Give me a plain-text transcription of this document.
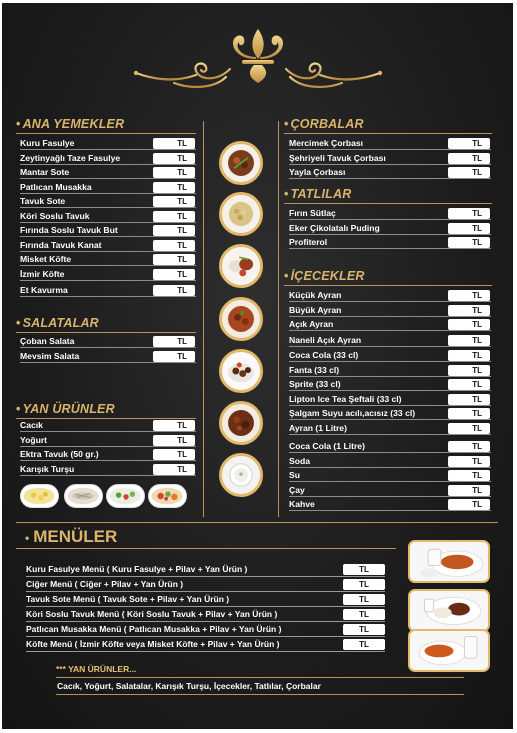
• ANA YEMEKLER
Kuru Fasulye	TL
Zeytinyağlı Taze Fasulye	TL
Mantar Sote	TL
Patlıcan Musakka	TL
Tavuk Sote	TL
Köri Soslu Tavuk	TL
Fırında Soslu Tavuk But	TL
Fırında Tavuk Kanat	TL
Misket Köfte	TL
İzmir Köfte	TL
Et Kavurma	TL
• SALATALAR
Çoban Salata	TL
Mevsim Salata	TL
• YAN ÜRÜNLER
Cacık	TL
Yoğurt	TL
Ektra Tavuk (50 gr.)	TL
Karışık Turşu	TL
• ÇORBALAR
Mercimek Çorbası	TL
Şehriyeli Tavuk Çorbası	TL
Yayla Çorbası	TL
• TATLILAR
Fırın Sütlaç	TL
Eker Çikolatalı Puding	TL
Profiterol	TL
• İÇECEKLER
Küçük Ayran	TL
Büyük Ayran	TL
Açık Ayran	TL
Naneli Açık Ayran	TL
Coca Cola (33 cl)	TL
Fanta (33 cl)	TL
Sprite (33 cl)	TL
Lipton Ice Tea Şeftali (33 cl)	TL
Şalgam Suyu acılı,acısız (33 cl)	TL
Ayran (1 Litre)	TL
Coca Cola (1 Litre)	TL
Soda	TL
Su	TL
Çay	TL
Kahve	TL
• MENÜLER
Kuru Fasulye Menü ( Kuru Fasulye + Pilav + Yan Ürün )	TL
Ciğer Menü ( Ciğer + Pilav + Yan Ürün )	TL
Tavuk Sote Menü ( Tavuk Sote + Pilav + Yan Ürün )	TL
Köri Soslu Tavuk Menü ( Köri Soslu Tavuk + Pilav + Yan Ürün )	TL
Patlıcan Musakka Menü ( Patlıcan Musakka + Pilav + Yan Ürün )	TL
Köfte Menü ( İzmir Köfte veya Misket Köfte + Pilav + Yan Ürün )	TL
*** YAN ÜRÜNLER...
Cacık, Yoğurt, Salatalar, Karışık Turşu, İçecekler, Tatlılar, Çorbalar
